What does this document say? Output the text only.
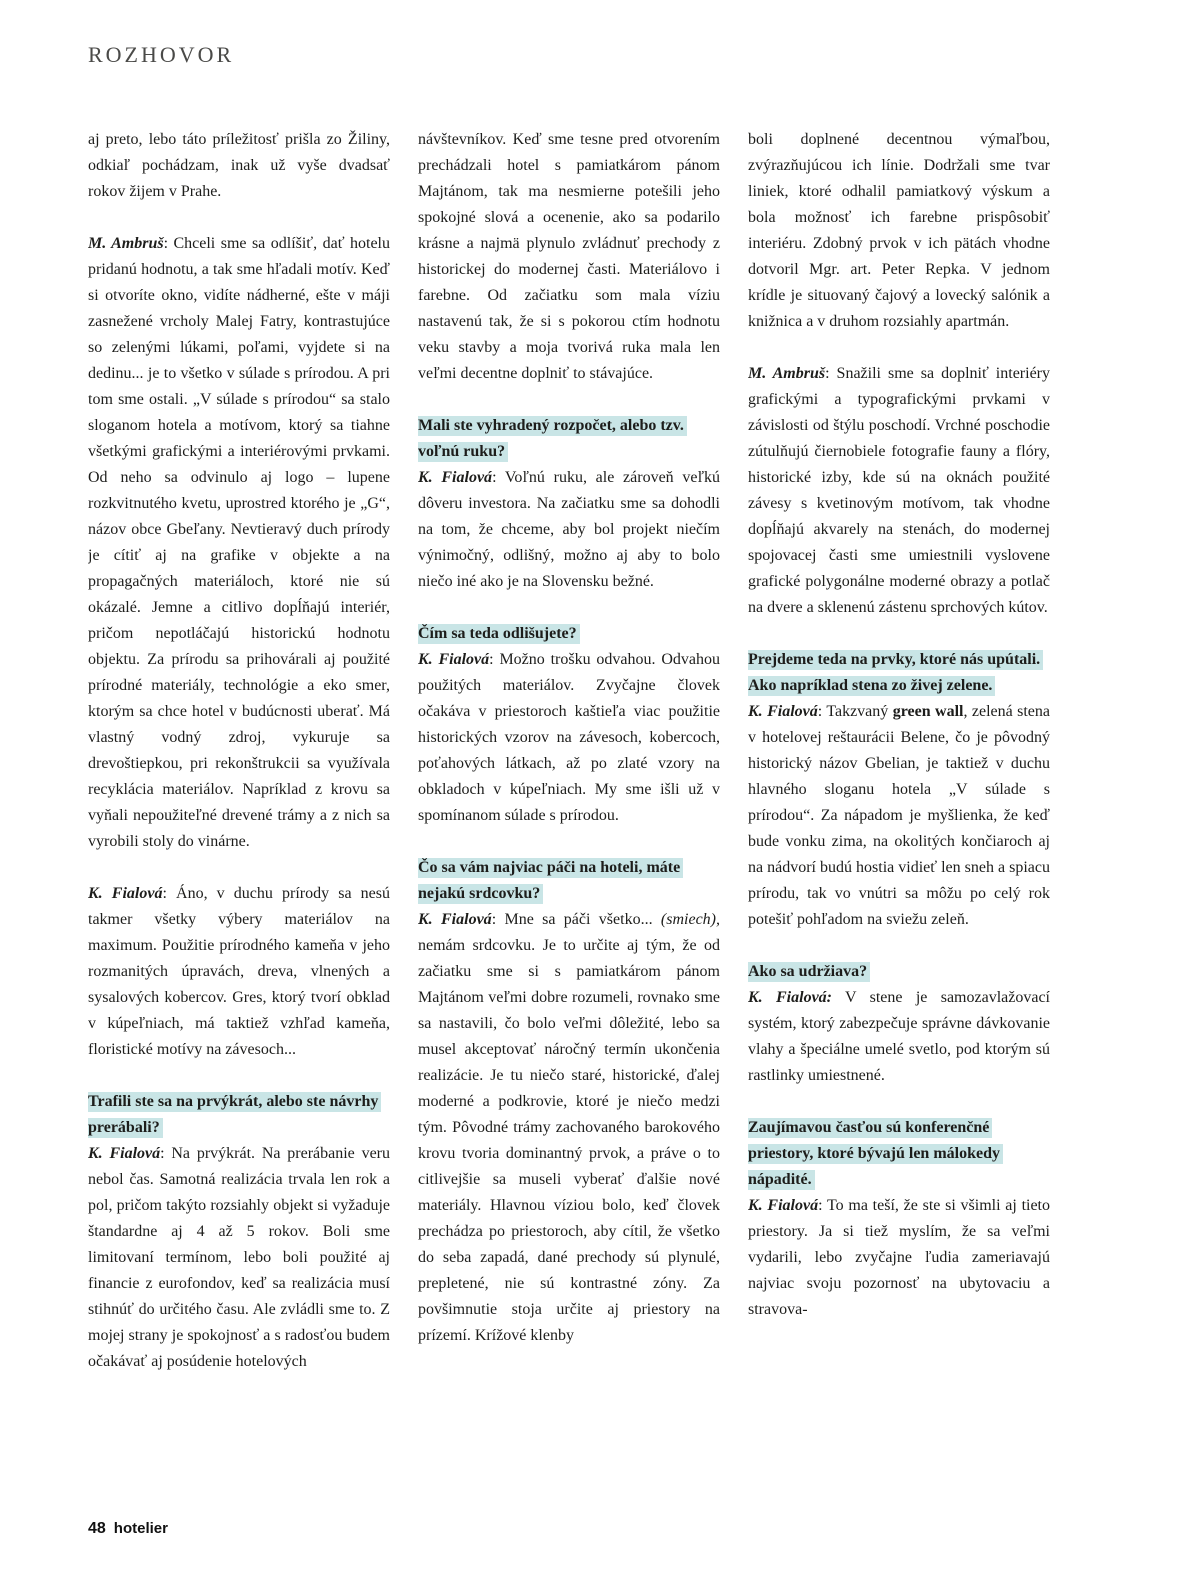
ROZHOVOR

aj preto, lebo táto príležitosť prišla zo Žiliny, odkiaľ pochádzam, inak už vyše dvadsať rokov žijem v Prahe.

M. Ambruš: Chceli sme sa odlíšiť, dať hotelu pridanú hodnotu, a tak sme hľadali motív. Keď si otvoríte okno, vidíte nádherné, ešte v máji zasnežené vrcholy Malej Fatry, kontrastujúce so zelenými lúkami, poľami, vyjdete si na dedinu... je to všetko v súlade s prírodou. A pri tom sme ostali. „V súlade s prírodou“ sa stalo sloganom hotela a motívom, ktorý sa tiahne všetkými grafickými a interiérovými prvkami. Od neho sa odvinulo aj logo – lupene rozkvitnutého kvetu, uprostred ktorého je „G“, názov obce Gbeľany. Nevtieravý duch prírody je cítiť aj na grafike v objekte a na propagačných materiáloch, ktoré nie sú okázalé. Jemne a citlivo dopĺňajú interiér, pričom nepotláčajú historickú hodnotu objektu. Za prírodu sa prihovárali aj použité prírodné materiály, technológie a eko smer, ktorým sa chce hotel v budúcnosti uberať. Má vlastný vodný zdroj, vykuruje sa drevoštiepkou, pri rekonštrukcii sa využívala recyklácia materiálov. Napríklad z krovu sa vyňali nepoužiteľné drevené trámy a z nich sa vyrobili stoly do vinárne.

K. Fialová: Áno, v duchu prírody sa nesú takmer všetky výbery materiálov na maximum. Použitie prírodného kameňa v jeho rozmanitých úpravách, dreva, vlnených a sysalových kobercov. Gres, ktorý tvorí obklad v kúpeľniach, má taktiež vzhľad kameňa, floristické motívy na závesoch...

Trafili ste sa na prvýkrát, alebo ste návrhy prerábali?

K. Fialová: Na prvýkrát. Na prerábanie veru nebol čas. Samotná realizácia trvala len rok a pol, pričom takýto rozsiahly objekt si vyžaduje štandardne aj 4 až 5 rokov. Boli sme limitovaní termínom, lebo boli použité aj financie z eurofondov, keď sa realizácia musí stihnúť do určitého času. Ale zvládli sme to. Z mojej strany je spokojnosť a s radosťou budem očakávať aj posúdenie hotelových

návštevníkov. Keď sme tesne pred otvorením prechádzali hotel s pamiatkárom pánom Majtánom, tak ma nesmierne potešili jeho spokojné slová a ocenenie, ako sa podarilo krásne a najmä plynulo zvládnuť prechody z historickej do modernej časti. Materiálovo i farebne. Od začiatku som mala víziu nastavenú tak, že si s pokorou ctím hodnotu veku stavby a moja tvorivá ruka mala len veľmi decentne doplniť to stávajúce.

Mali ste vyhradený rozpočet, alebo tzv. voľnú ruku?

K. Fialová: Voľnú ruku, ale zároveň veľkú dôveru investora. Na začiatku sme sa dohodli na tom, že chceme, aby bol projekt niečím výnimočný, odlišný, možno aj aby to bolo niečo iné ako je na Slovensku bežné.

Čím sa teda odlišujete?

K. Fialová: Možno trošku odvahou. Odvahou použitých materiálov. Zvyčajne človek očakáva v priestoroch kaštieľa viac použitie historických vzorov na závesoch, kobercoch, poťahových látkach, až po zlaté vzory na obkladoch v kúpeľniach. My sme išli už v spomínanom súlade s prírodou.

Čo sa vám najviac páči na hoteli, máte nejakú srdcovku?

K. Fialová: Mne sa páči všetko... (smiech), nemám srdcovku. Je to určite aj tým, že od začiatku sme si s pamiatkárom pánom Majtánom veľmi dobre rozumeli, rovnako sme sa nastavili, čo bolo veľmi dôležité, lebo sa musel akceptovať náročný termín ukončenia realizácie. Je tu niečo staré, historické, ďalej moderné a podkrovie, ktoré je niečo medzi tým. Pôvodné trámy zachovaného barokového krovu tvoria dominantný prvok, a práve o to citlivejšie sa museli vyberať ďalšie nové materiály. Hlavnou víziou bolo, keď človek prechádza po priestoroch, aby cítil, že všetko do seba zapadá, dané prechody sú plynulé, prepletené, nie sú kontrastné zóny. Za povšimnutie stoja určite aj priestory na prízemí. Krížové klenby

boli doplnené decentnou výmaľbou, zvýrazňujúcou ich línie. Dodržali sme tvar liniek, ktoré odhalil pamiatkový výskum a bola možnosť ich farebne prispôsobiť interiéru. Zdobný prvok v ich pätách vhodne dotvoril Mgr. art. Peter Repka. V jednom krídle je situovaný čajový a lovecký salónik a knižnica a v druhom rozsiahly apartmán.

M. Ambruš: Snažili sme sa doplniť interiéry grafickými a typografickými prvkami v závislosti od štýlu poschodí. Vrchné poschodie zútulňujú čiernobiele fotografie fauny a flóry, historické izby, kde sú na oknách použité závesy s kvetinovým motívom, tak vhodne dopĺňajú akvarely na stenách, do modernej spojovacej časti sme umiestnili vyslovene grafické polygonálne moderné obrazy a potlač na dvere a sklenenú zástenu sprchových kútov.

Prejdeme teda na prvky, ktoré nás upútali. Ako napríklad stena zo živej zelene.

K. Fialová: Takzvaný green wall, zelená stena v hotelovej reštaurácii Belene, čo je pôvodný historický názov Gbelian, je taktiež v duchu hlavného sloganu hotela „V súlade s prírodou“. Za nápadom je myšlienka, že keď bude vonku zima, na okolitých končiaroch aj na nádvorí budú hostia vidieť len sneh a spiacu prírodu, tak vo vnútri sa môžu po celý rok potešiť pohľadom na sviežu zeleň.

Ako sa udržiava?

K. Fialová: V stene je samozavlažovací systém, ktorý zabezpečuje správne dávkovanie vlahy a špeciálne umelé svetlo, pod ktorým sú rastlinky umiestnené.

Zaujímavou časťou sú konferenčné priestory, ktoré bývajú len málokedy nápadité.

K. Fialová: To ma teší, že ste si všimli aj tieto priestory. Ja si tiež myslím, že sa veľmi vydarili, lebo zvyčajne ľudia zameriavajú najviac svoju pozornosť na ubytovaciu a stravova-

48 hotelier
